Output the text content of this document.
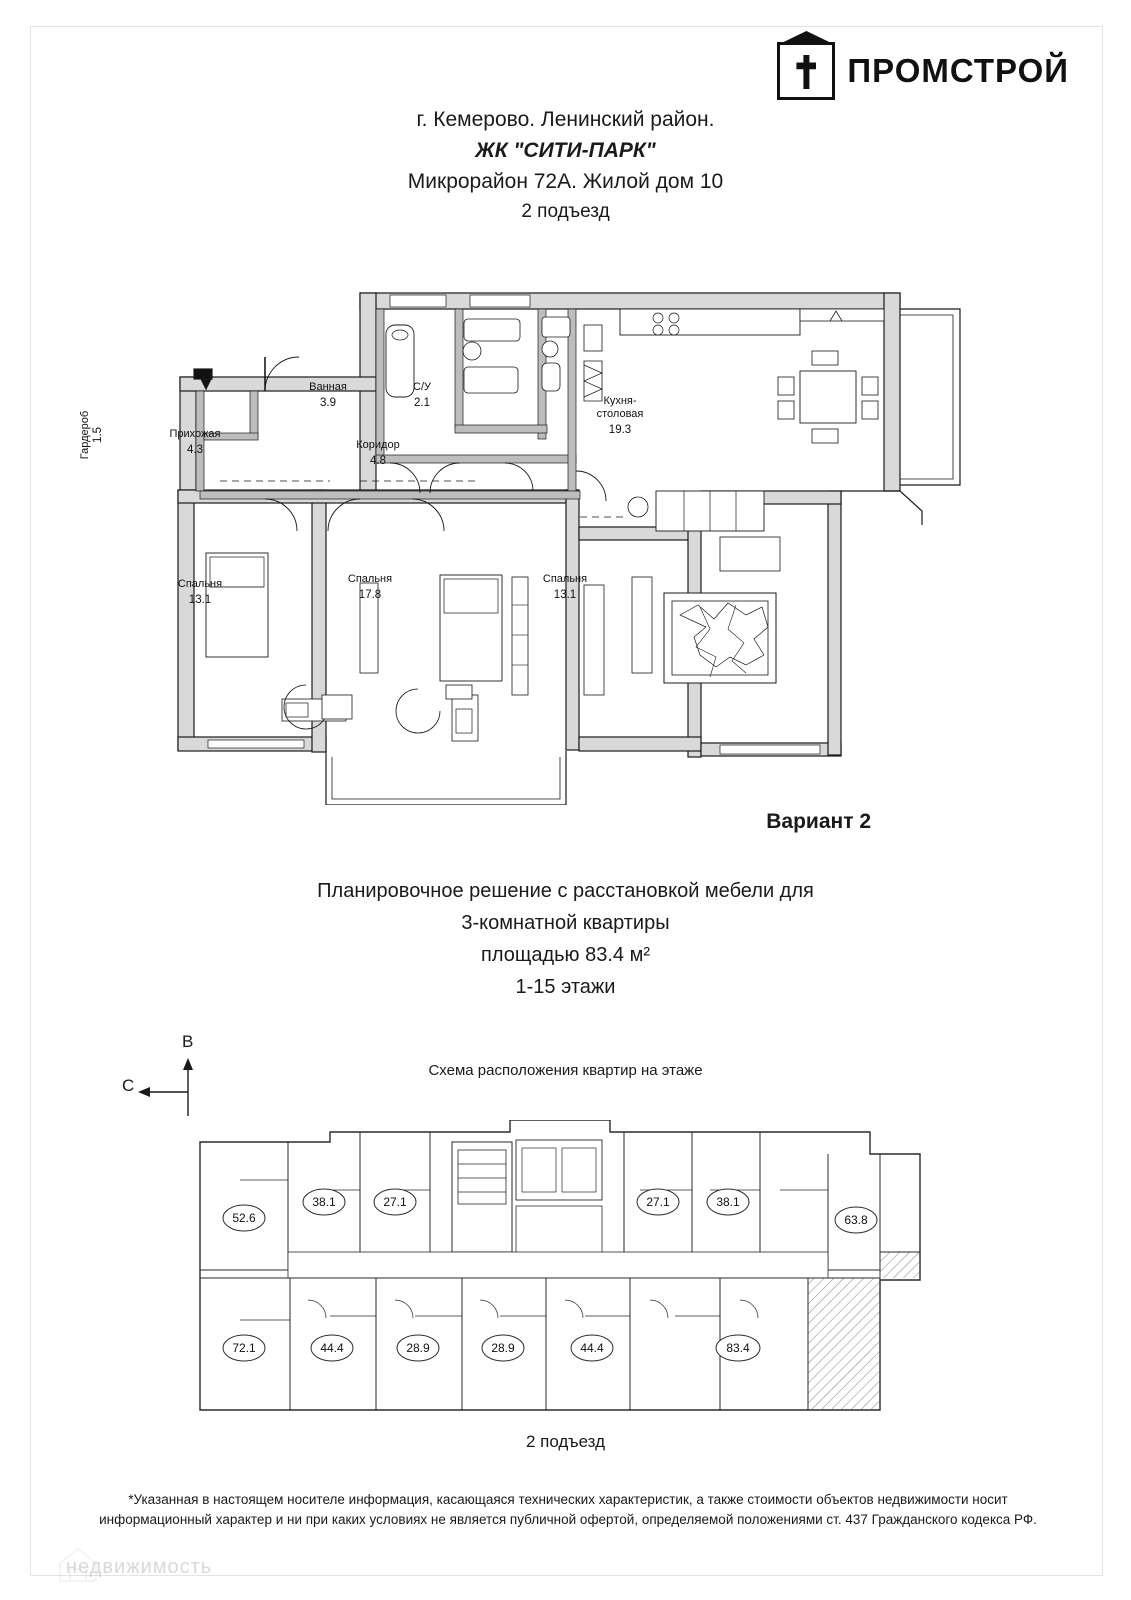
ПРОМСТРОЙ
г. Кемерово. Ленинский район.
ЖК "СИТИ-ПАРК"
Микрорайон 72А. Жилой дом 10
2 подъезд
Гардероб 1.5	Прихожая
4.3
Ванная
3.9
С/У
2.1
Коридор
4.8
Кухня-
столовая
19.3
Спальня
13.1
Спальня
17.8
Спальня
13.1
Вариант 2
Планировочное решение с расстановкой мебели для
3-комнатной квартиры
площадью 83.4 м²
1-15 этажи
В
С
Схема расположения квартир на этаже
52.6
38.1	27.1	27.1	38.1
63.8
72.1	44.4	28.9	28.9	44.4	83.4
2 подъезд
*Указанная в настоящем носителе информация, касающаяся технических характеристик, а также стоимости объектов недвижимости носит
информационный характер и ни при каких условиях не является публичной офертой, определяемой положениями ст. 437 Гражданского кодекса РФ.
недвижимость
